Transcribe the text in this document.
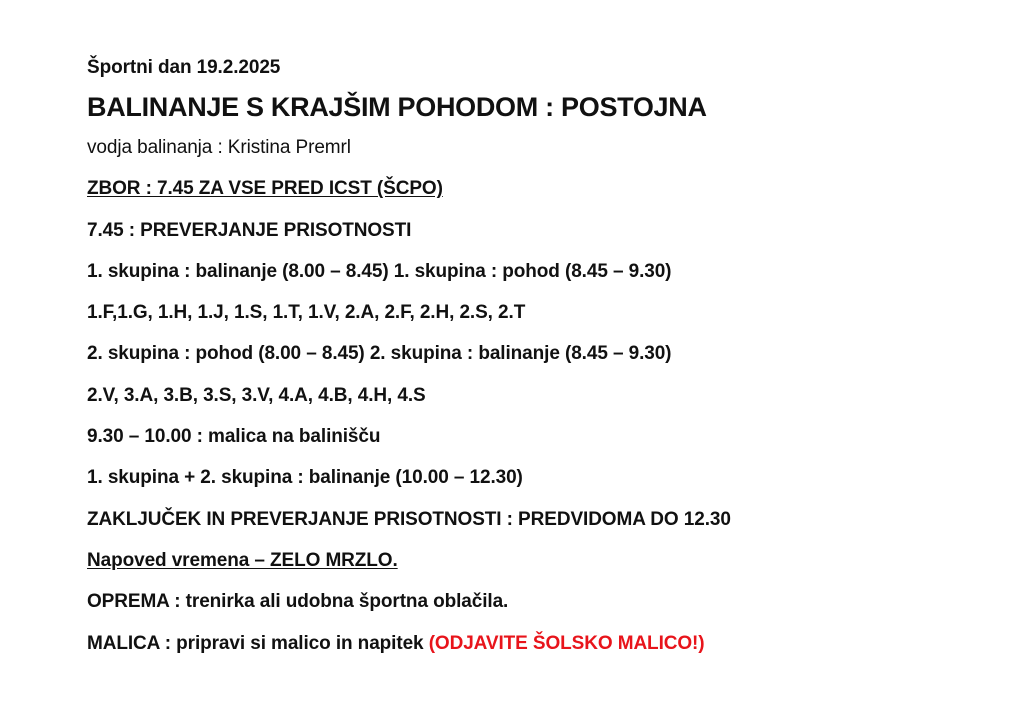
Športni dan 19.2.2025
BALINANJE S KRAJŠIM POHODOM : POSTOJNA
vodja balinanja : Kristina Premrl
ZBOR : 7.45 ZA VSE PRED ICST (ŠCPO)
7.45 : PREVERJANJE PRISOTNOSTI
1. skupina : balinanje (8.00 – 8.45) 1. skupina : pohod (8.45 – 9.30)
1.F,1.G, 1.H, 1.J, 1.S, 1.T, 1.V, 2.A, 2.F, 2.H, 2.S, 2.T
2. skupina : pohod (8.00 – 8.45) 2. skupina : balinanje (8.45 – 9.30)
2.V, 3.A, 3.B, 3.S, 3.V, 4.A, 4.B, 4.H, 4.S
9.30 – 10.00 : malica na balinišču
1. skupina + 2. skupina : balinanje (10.00 – 12.30)
ZAKLJUČEK IN PREVERJANJE PRISOTNOSTI : PREDVIDOMA DO 12.30
Napoved vremena – ZELO MRZLO.
OPREMA : trenirka ali udobna športna oblačila.
MALICA : pripravi si malico in napitek (ODJAVITE ŠOLSKO MALICO!)
